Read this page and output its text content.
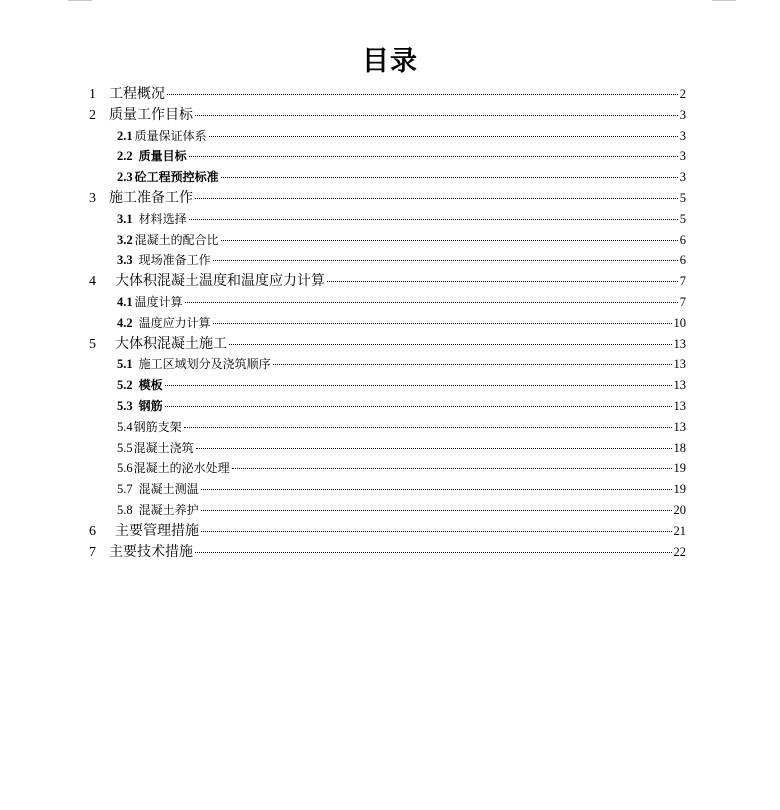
目录
1 工程概况	2
2 质量工作目标	3
2.1 质量保证体系	3
2.2 质量目标	3
2.3 砼工程预控标准	3
3 施工准备工作	5
3.1 材料选择	5
3.2 混凝土的配合比	6
3.3 现场准备工作	6
4	大体积混凝土温度和温度应力计算	7
4.1 温度计算	7
4.2 温度应力计算	10
5	大体积混凝土施工	13
5.1 施工区域划分及浇筑顺序	13
5.2 模板	13
5.3 钢筋	13
5.4 钢筋支架	13
5.5 混凝土浇筑	18
5.6 混凝土的泌水处理	19
5.7 混凝土测温	19
5.8 混凝土养护	20
6	主要管理措施	21
7 主要技术措施	22
